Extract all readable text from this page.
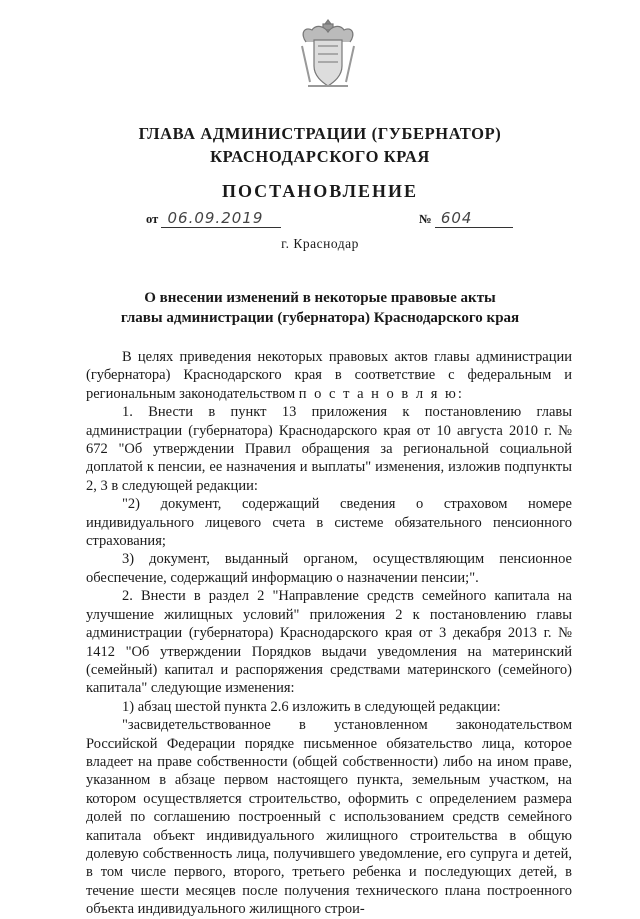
ГЛАВА АДМИНИСТРАЦИИ (ГУБЕРНАТОР)
КРАСНОДАРСКОГО КРАЯ
ПОСТАНОВЛЕНИЕ
от 06.09.2019	№ 604
г. Краснодар
О внесении изменений в некоторые правовые акты
главы администрации (губернатора) Краснодарского края

В целях приведения некоторых правовых актов главы администрации (губернатора) Краснодарского края в соответствие с федеральным и региональным законодательством п о с т а н о в л я ю:

1. Внести в пункт 13 приложения к постановлению главы администрации (губернатора) Краснодарского края от 10 августа 2010 г. № 672 "Об утверждении Правил обращения за региональной социальной доплатой к пенсии, ее назначения и выплаты" изменения, изложив подпункты 2, 3 в следующей редакции:

"2) документ, содержащий сведения о страховом номере индивидуального лицевого счета в системе обязательного пенсионного страхования;

3) документ, выданный органом, осуществляющим пенсионное обеспечение, содержащий информацию о назначении пенсии;".

2. Внести в раздел 2 "Направление средств семейного капитала на улучшение жилищных условий" приложения 2 к постановлению главы администрации (губернатора) Краснодарского края от 3 декабря 2013 г. № 1412 "Об утверждении Порядков выдачи уведомления на материнский (семейный) капитал и распоряжения средствами материнского (семейного) капитала" следующие изменения:

1) абзац шестой пункта 2.6 изложить в следующей редакции:

"засвидетельствованное в установленном законодательством Российской Федерации порядке письменное обязательство лица, которое владеет на праве собственности (общей собственности) либо на ином праве, указанном в абзаце первом настоящего пункта, земельным участком, на котором осуществляется строительство, оформить с определением размера долей по соглашению построенный с использованием средств семейного капитала объект индивидуального жилищного строительства в общую долевую собственность лица, получившего уведомление, его супруга и детей, в том числе первого, второго, третьего ребенка и последующих детей, в течение шести месяцев после получения технического плана построенного объекта индивидуального жилищного строи-
